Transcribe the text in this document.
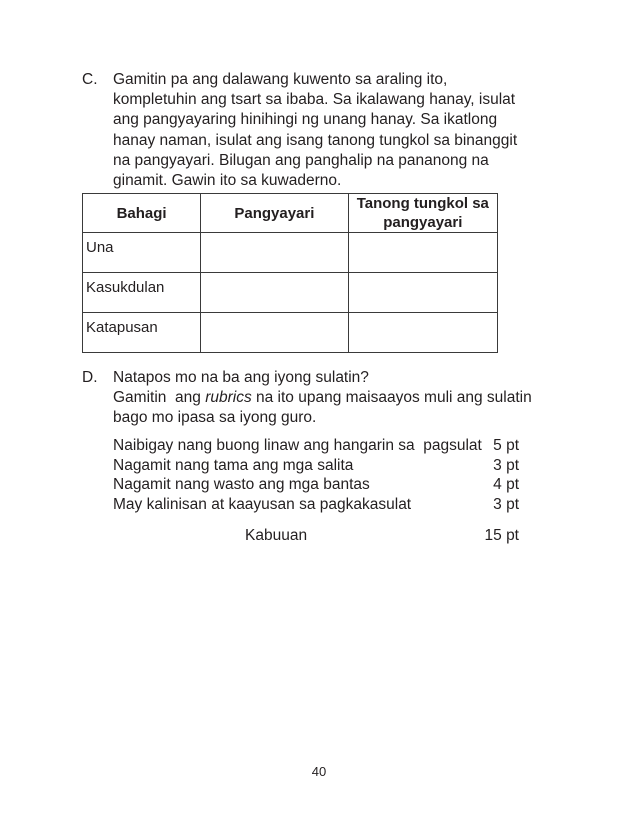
C. Gamitin pa ang dalawang kuwento sa araling ito,
kompletuhin ang tsart sa ibaba. Sa ikalawang hanay, isulat
ang pangyayaring hinihingi ng unang hanay. Sa ikatlong
hanay naman, isulat ang isang tanong tungkol sa binanggit
na pangyayari. Bilugan ang panghalip na pananong na
ginamit. Gawin ito sa kuwaderno.
Bahagi	Pangyayari	Tanong tungkol sa pangyayari
Una		
Kasukdulan		
Katapusan		
D. Natapos mo na ba ang iyong sulatin?
Gamitin  ang rubrics na ito upang maisaayos muli ang sulatin
bago mo ipasa sa iyong guro.
Naibigay nang buong linaw ang hangarin sa  pagsulat 5 pt
Nagamit nang tama ang mga salita	3 pt
Nagamit nang wasto ang mga bantas	4 pt
May kalinisan at kaayusan sa pagkakasulat	3 pt
Kabuuan	15 pt
40
